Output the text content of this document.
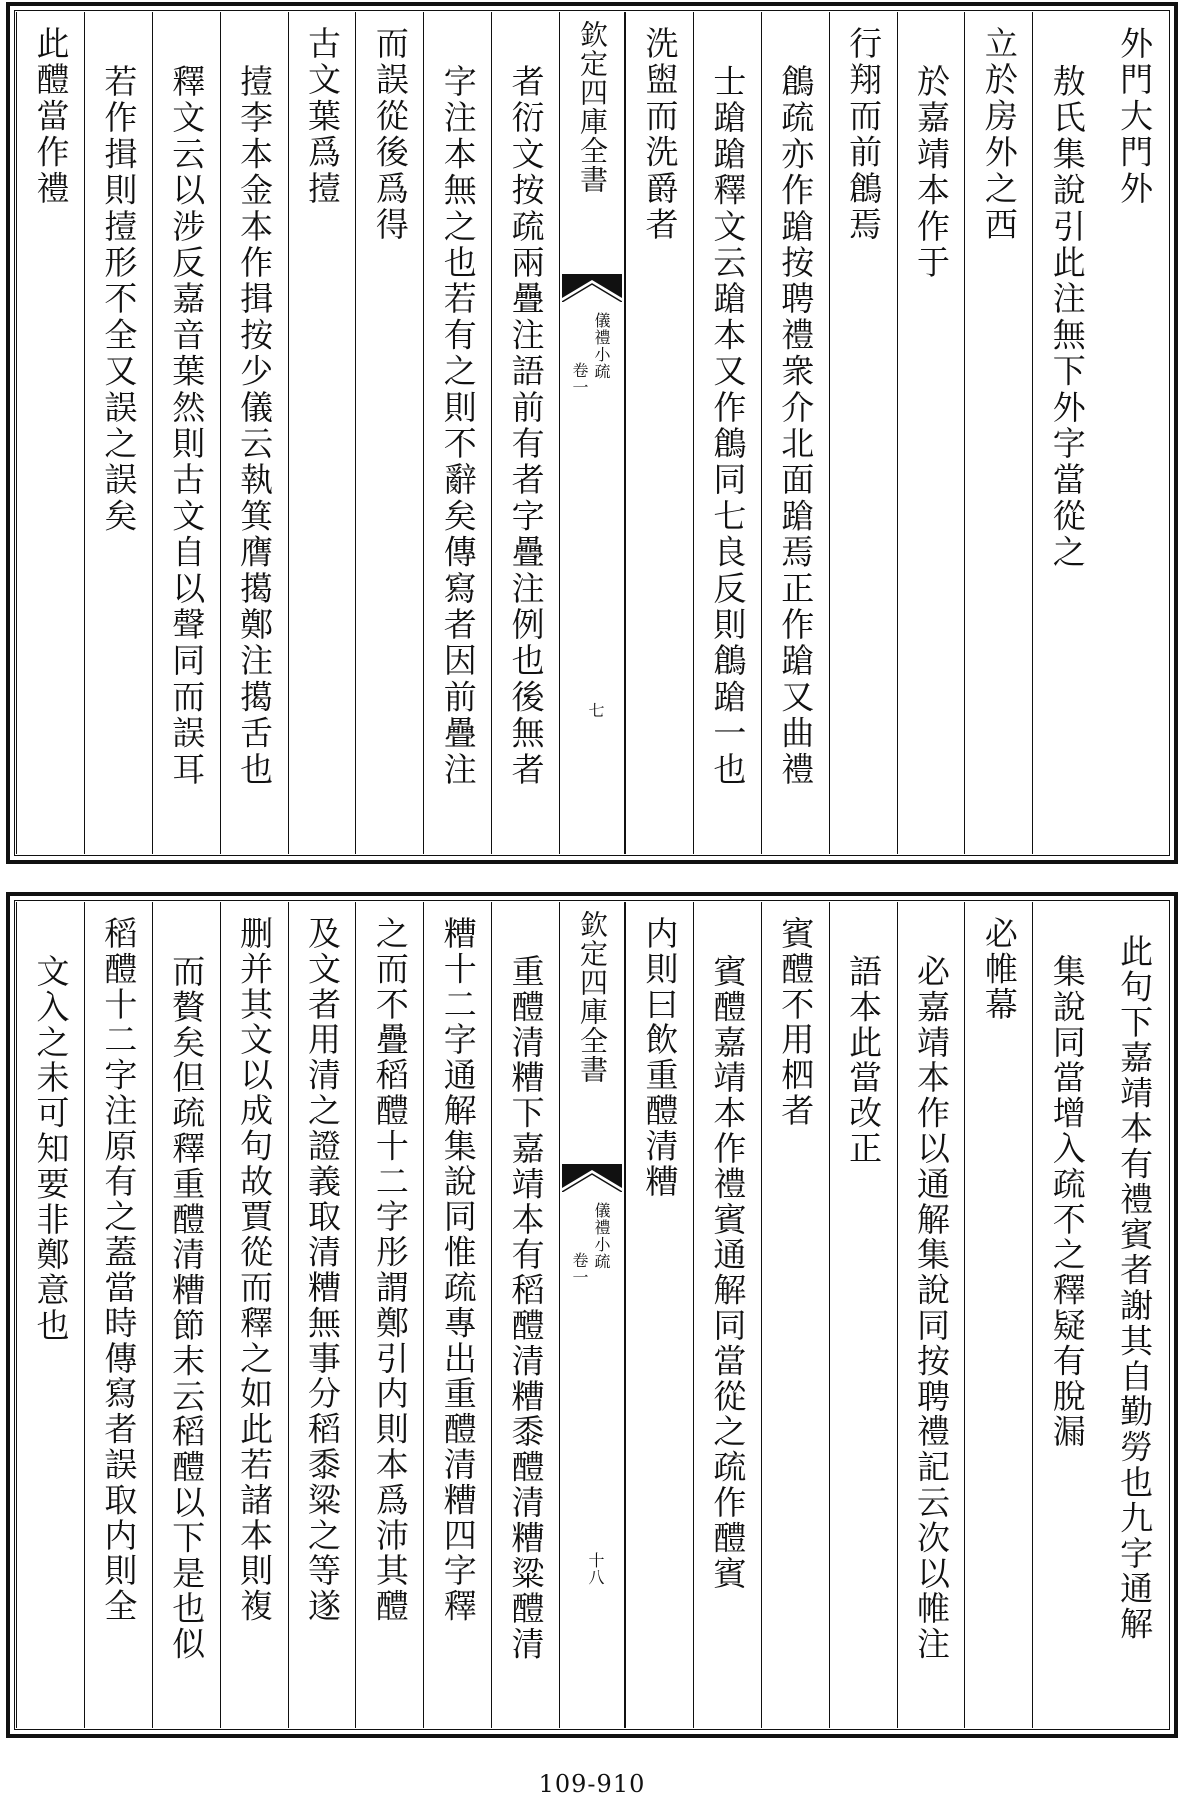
外門大門外
敖氏集說引此注無下外字當從之
立於房外之西
於嘉靖本作于
行翔而前鶬焉
鶬疏亦作蹌按聘禮衆介北面蹌焉正作蹌又曲禮
士蹌蹌釋文云蹌本又作鶬同七良反則鶬蹌一也
洗盥而洗爵者
欽定四庫全書
儀禮小疏
卷一
七
者衍文按疏兩疊注語前有者字疊注例也後無者
字注本無之也若有之則不辭矣傳寫者因前疊注
而誤從後爲得
古文葉爲撎
撎李本金本作揖按少儀云執箕膺擖鄭注擖舌也
釋文云以涉反嘉音葉然則古文自以聲同而誤耳
若作揖則撎形不全又誤之誤矣
此醴當作禮
此句下嘉靖本有禮賓者謝其自勤勞也九字通解
集說同當增入疏不之釋疑有脫漏
必帷幕
必嘉靖本作以通解集說同按聘禮記云次以帷注
語本此當改正
賓醴不用柶者
賓醴嘉靖本作禮賓通解同當從之疏作醴賓
内則曰飲重醴清糟
欽定四庫全書
儀禮小疏
卷一
十八
重醴清糟下嘉靖本有稻醴清糟黍醴清糟粱醴清
糟十二字通解集說同惟疏專出重醴清糟四字釋
之而不疊稻醴十二字彤謂鄭引内則本爲沛其醴
及文者用清之證義取清糟無事分稻黍粱之等遂
删并其文以成句故賈從而釋之如此若諸本則複
而贅矣但疏釋重醴清糟節末云稻醴以下是也似
稻醴十二字注原有之蓋當時傳寫者誤取内則全
文入之未可知要非鄭意也
109-910
